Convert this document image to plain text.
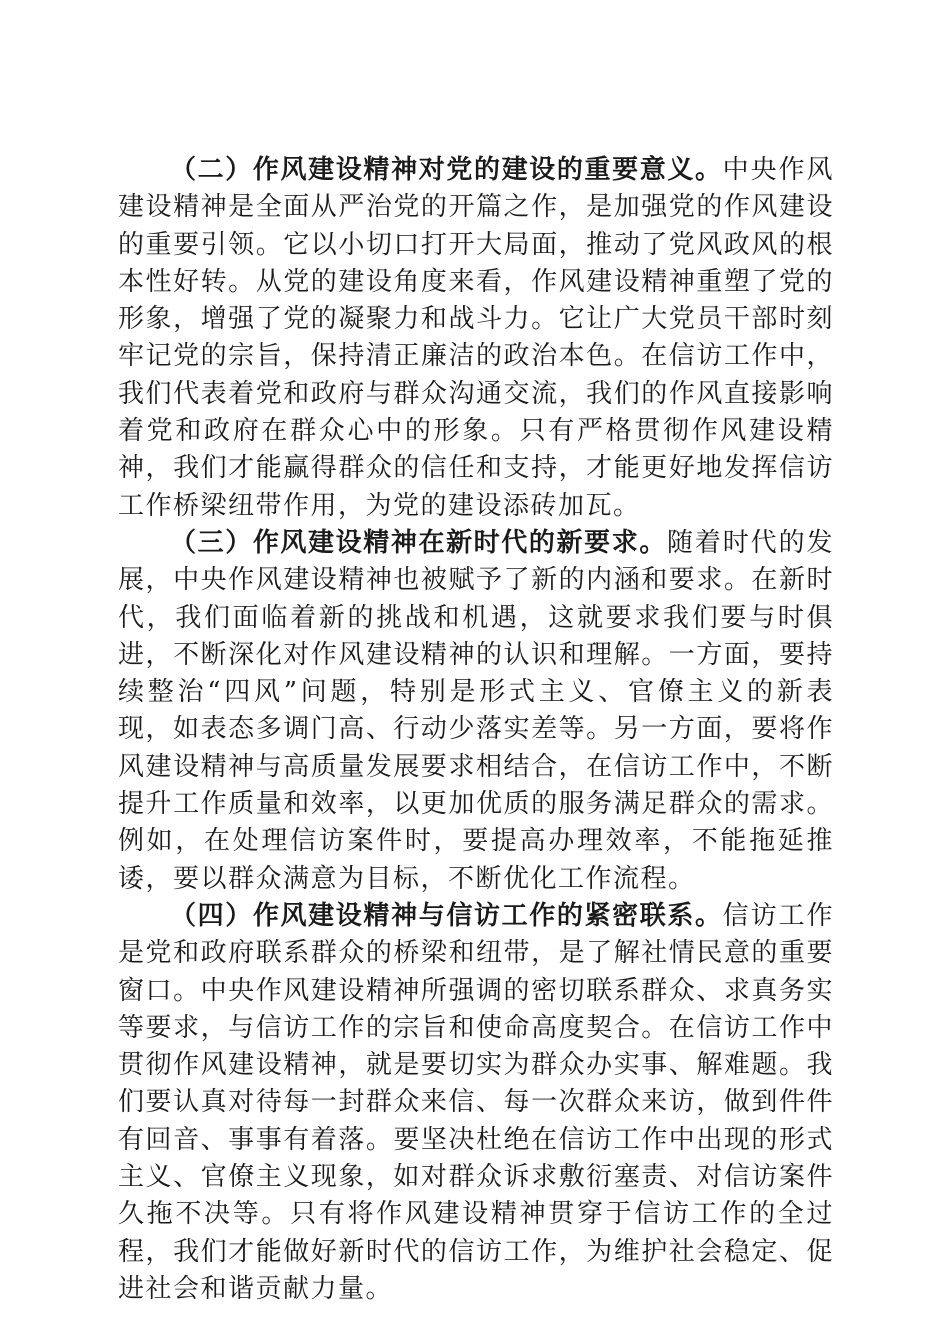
（二）作风建设精神对党的建设的重要意义。中央作风建设精神是全面从严治党的开篇之作，是加强党的作风建设的重要引领。它以小切口打开大局面，推动了党风政风的根本性好转。从党的建设角度来看，作风建设精神重塑了党的形象，增强了党的凝聚力和战斗力。它让广大党员干部时刻牢记党的宗旨，保持清正廉洁的政治本色。在信访工作中，我们代表着党和政府与群众沟通交流，我们的作风直接影响着党和政府在群众心中的形象。只有严格贯彻作风建设精神，我们才能赢得群众的信任和支持，才能更好地发挥信访工作桥梁纽带作用，为党的建设添砖加瓦。

（三）作风建设精神在新时代的新要求。随着时代的发展，中央作风建设精神也被赋予了新的内涵和要求。在新时代，我们面临着新的挑战和机遇，这就要求我们要与时俱进，不断深化对作风建设精神的认识和理解。一方面，要持续整治“四风”问题，特别是形式主义、官僚主义的新表现，如表态多调门高、行动少落实差等。另一方面，要将作风建设精神与高质量发展要求相结合，在信访工作中，不断提升工作质量和效率，以更加优质的服务满足群众的需求。例如，在处理信访案件时，要提高办理效率，不能拖延推诿，要以群众满意为目标，不断优化工作流程。

（四）作风建设精神与信访工作的紧密联系。信访工作是党和政府联系群众的桥梁和纽带，是了解社情民意的重要窗口。中央作风建设精神所强调的密切联系群众、求真务实等要求，与信访工作的宗旨和使命高度契合。在信访工作中贯彻作风建设精神，就是要切实为群众办实事、解难题。我们要认真对待每一封群众来信、每一次群众来访，做到件件有回音、事事有着落。要坚决杜绝在信访工作中出现的形式主义、官僚主义现象，如对群众诉求敷衍塞责、对信访案件久拖不决等。只有将作风建设精神贯穿于信访工作的全过程，我们才能做好新时代的信访工作，为维护社会稳定、促进社会和谐贡献力量。
